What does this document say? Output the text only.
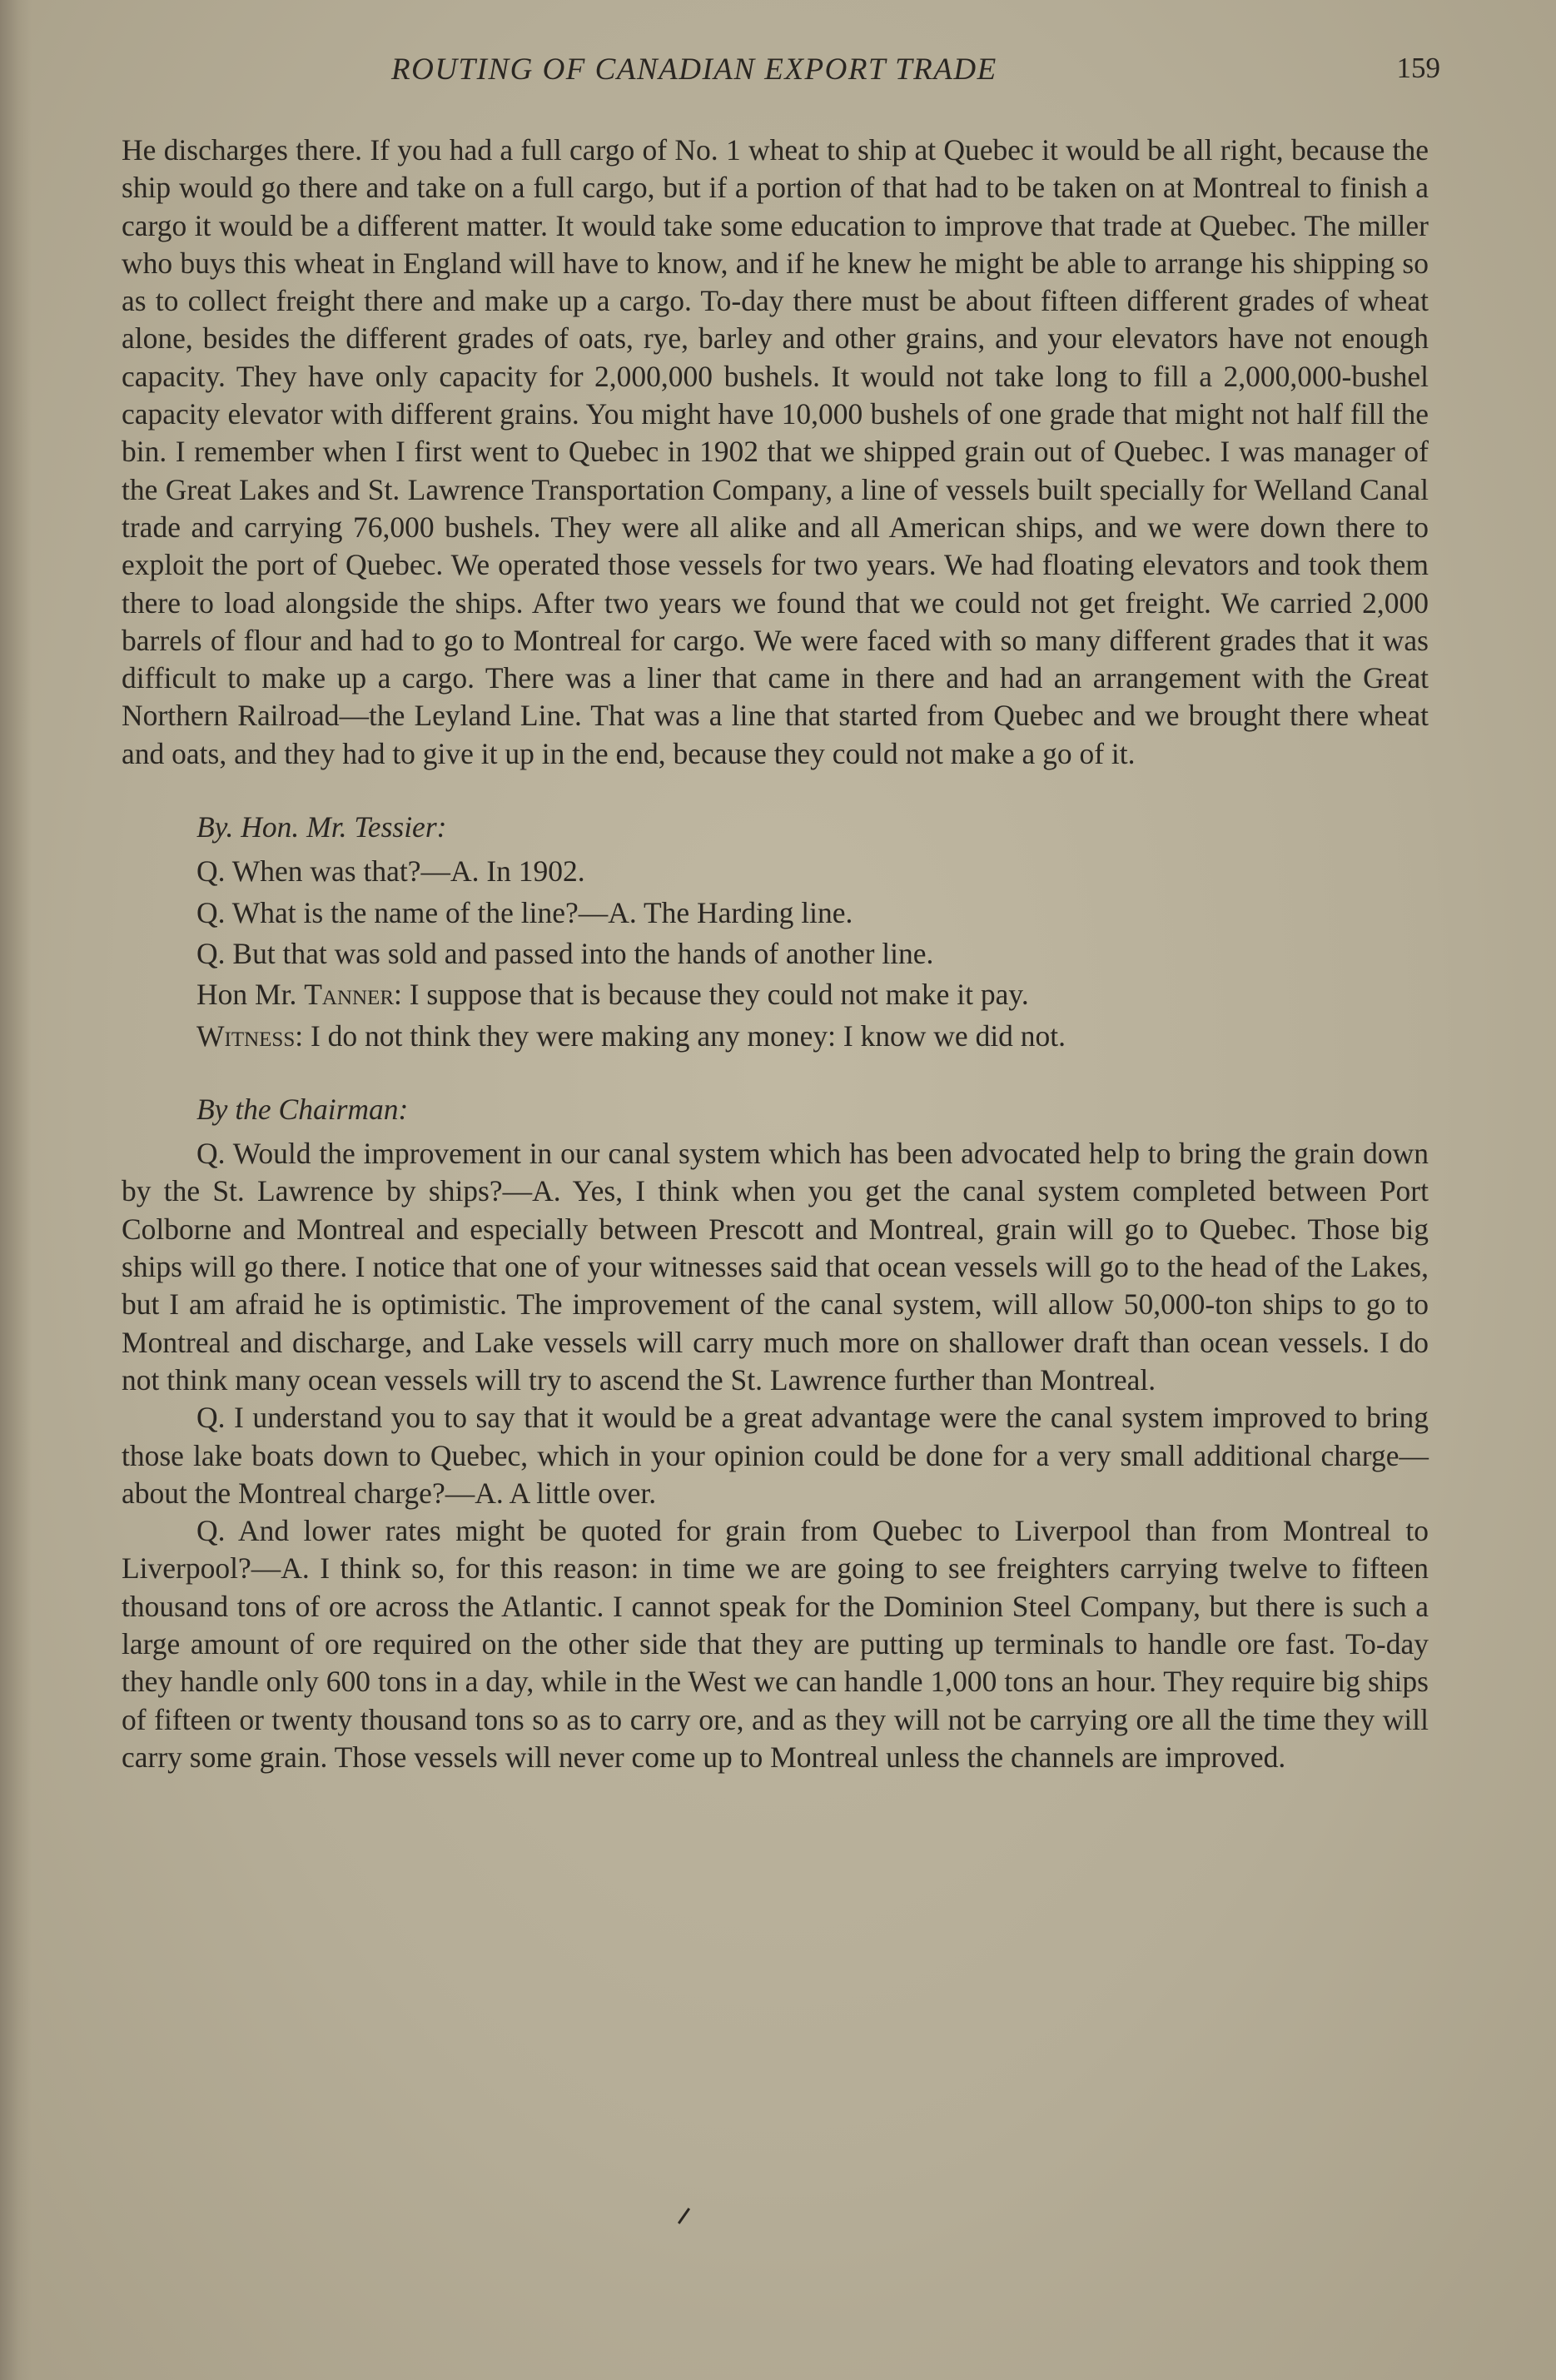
ROUTING OF CANADIAN EXPORT TRADE	159

He discharges there. If you had a full cargo of No. 1 wheat to ship at Quebec it would be all right, because the ship would go there and take on a full cargo, but if a portion of that had to be taken on at Montreal to finish a cargo it would be a different matter. It would take some education to improve that trade at Quebec. The miller who buys this wheat in England will have to know, and if he knew he might be able to arrange his shipping so as to collect freight there and make up a cargo. To-day there must be about fifteen different grades of wheat alone, besides the different grades of oats, rye, barley and other grains, and your elevators have not enough capacity. They have only capacity for 2,000,000 bushels. It would not take long to fill a 2,000,000-bushel capacity elevator with different grains. You might have 10,000 bushels of one grade that might not half fill the bin. I remember when I first went to Quebec in 1902 that we shipped grain out of Quebec. I was manager of the Great Lakes and St. Lawrence Transportation Company, a line of vessels built specially for Welland Canal trade and carrying 76,000 bushels. They were all alike and all American ships, and we were down there to exploit the port of Quebec. We operated those vessels for two years. We had floating elevators and took them there to load alongside the ships. After two years we found that we could not get freight. We carried 2,000 barrels of flour and had to go to Montreal for cargo. We were faced with so many different grades that it was difficult to make up a cargo. There was a liner that came in there and had an arrangement with the Great Northern Railroad—the Leyland Line. That was a line that started from Quebec and we brought there wheat and oats, and they had to give it up in the end, because they could not make a go of it.

By. Hon. Mr. Tessier:

Q. When was that?—A. In 1902.

Q. What is the name of the line?—A. The Harding line.

Q. But that was sold and passed into the hands of another line.

Hon Mr. Tanner: I suppose that is because they could not make it pay.

Witness: I do not think they were making any money: I know we did not.

By the Chairman:

Q. Would the improvement in our canal system which has been advocated help to bring the grain down by the St. Lawrence by ships?—A. Yes, I think when you get the canal system completed between Port Colborne and Montreal and especially between Prescott and Montreal, grain will go to Quebec. Those big ships will go there. I notice that one of your witnesses said that ocean vessels will go to the head of the Lakes, but I am afraid he is optimistic. The improvement of the canal system, will allow 50,000-ton ships to go to Montreal and discharge, and Lake vessels will carry much more on shallower draft than ocean vessels. I do not think many ocean vessels will try to ascend the St. Lawrence further than Montreal.

Q. I understand you to say that it would be a great advantage were the canal system improved to bring those lake boats down to Quebec, which in your opinion could be done for a very small additional charge—about the Montreal charge?—A. A little over.

Q. And lower rates might be quoted for grain from Quebec to Liverpool than from Montreal to Liverpool?—A. I think so, for this reason: in time we are going to see freighters carrying twelve to fifteen thousand tons of ore across the Atlantic. I cannot speak for the Dominion Steel Company, but there is such a large amount of ore required on the other side that they are putting up terminals to handle ore fast. To-day they handle only 600 tons in a day, while in the West we can handle 1,000 tons an hour. They require big ships of fifteen or twenty thousand tons so as to carry ore, and as they will not be carrying ore all the time they will carry some grain. Those vessels will never come up to Montreal unless the channels are improved.
